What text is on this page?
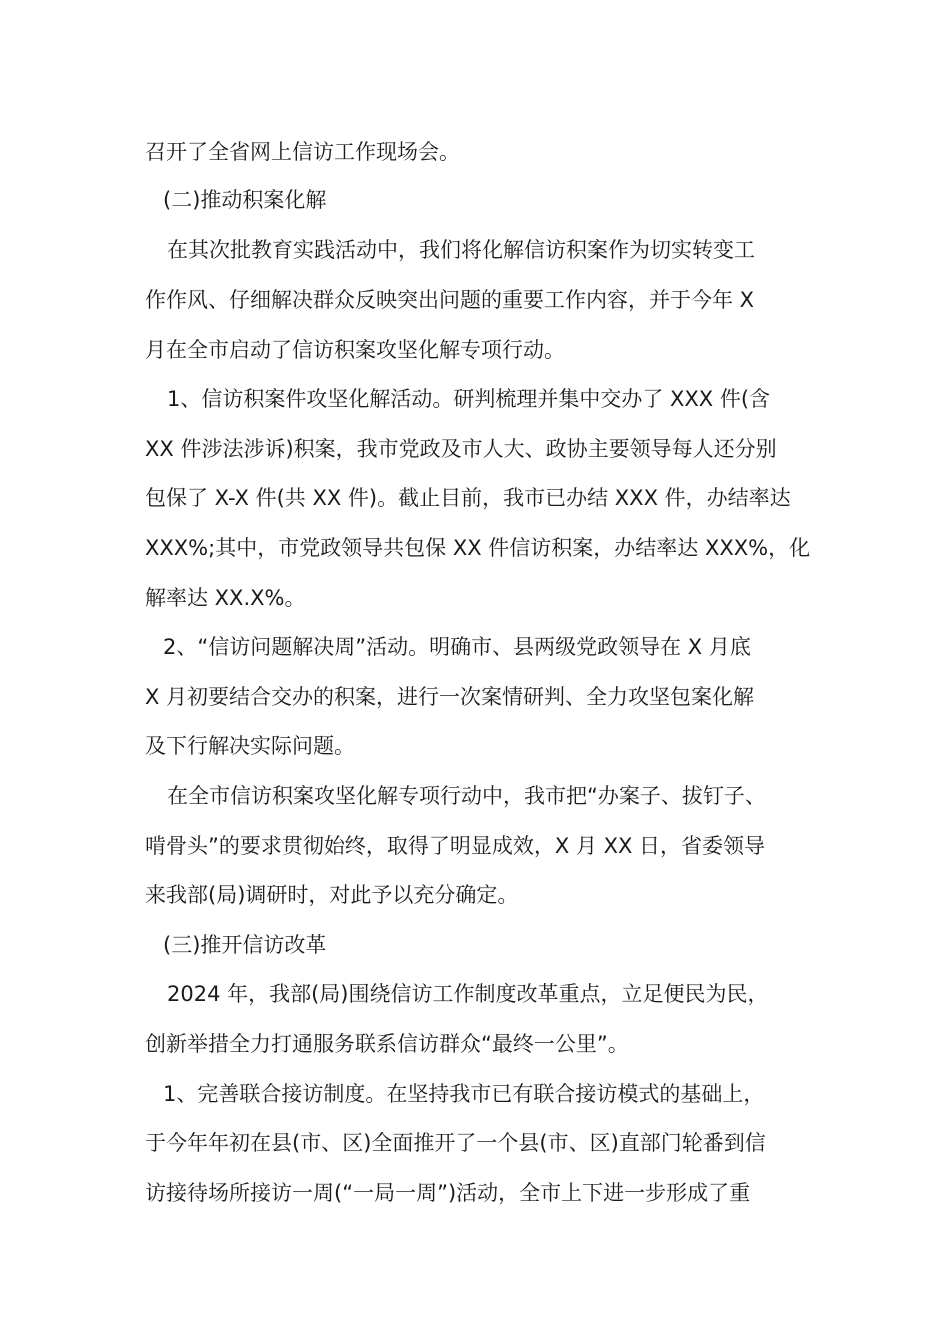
召开了全省网上信访工作现场会。
(二)推动积案化解
在其次批教育实践活动中，我们将化解信访积案作为切实转变工
作作风、仔细解决群众反映突出问题的重要工作内容，并于今年 X
月在全市启动了信访积案攻坚化解专项行动。
1、信访积案件攻坚化解活动。研判梳理并集中交办了 XXX 件(含
XX 件涉法涉诉)积案，我市党政及市人大、政协主要领导每人还分别
包保了 X-X 件(共 XX 件)。截止目前，我市已办结 XXX 件，办结率达
XXX%;其中，市党政领导共包保 XX 件信访积案，办结率达 XXX%，化
解率达 XX.X%。
2、“信访问题解决周”活动。明确市、县两级党政领导在 X 月底
X 月初要结合交办的积案，进行一次案情研判、全力攻坚包案化解
及下行解决实际问题。
在全市信访积案攻坚化解专项行动中，我市把“办案子、拔钉子、
啃骨头”的要求贯彻始终，取得了明显成效，X 月 XX 日，省委领导
来我部(局)调研时，对此予以充分确定。
(三)推开信访改革
2024 年，我部(局)围绕信访工作制度改革重点，立足便民为民，
创新举措全力打通服务联系信访群众“最终一公里”。
1、完善联合接访制度。在坚持我市已有联合接访模式的基础上，
于今年年初在县(市、区)全面推开了一个县(市、区)直部门轮番到信
访接待场所接访一周(“一局一周”)活动，全市上下进一步形成了重
